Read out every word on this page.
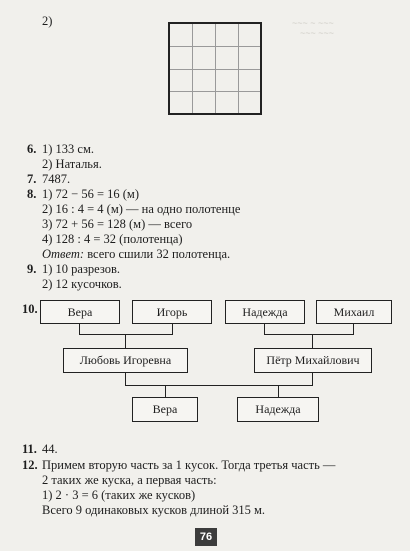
~~~ ~ ~~~
~~~ ~~~
2)
6. 1) 133 см.
2) Наталья.
7. 7487.
8. 1) 72 − 56 = 16 (м)
2) 16 : 4 = 4 (м) — на одно полотенце
3) 72 + 56 = 128 (м) — всего
4) 128 : 4 = 32 (полотенца)
Ответ: всего сшили 32 полотенца.
9. 1) 10 разрезов.
2) 12 кусочков.
10.	Вера	Игорь	Надежда	Михаил
Любовь Игоревна	Пётр Михайлович
Вера	Надежда
11. 44.
12. Примем вторую часть за 1 кусок. Тогда третья часть —
2 таких же куска, а первая часть:
1) 2 · 3 = 6 (таких же кусков)
Всего 9 одинаковых кусков длиной 315 м.
76
